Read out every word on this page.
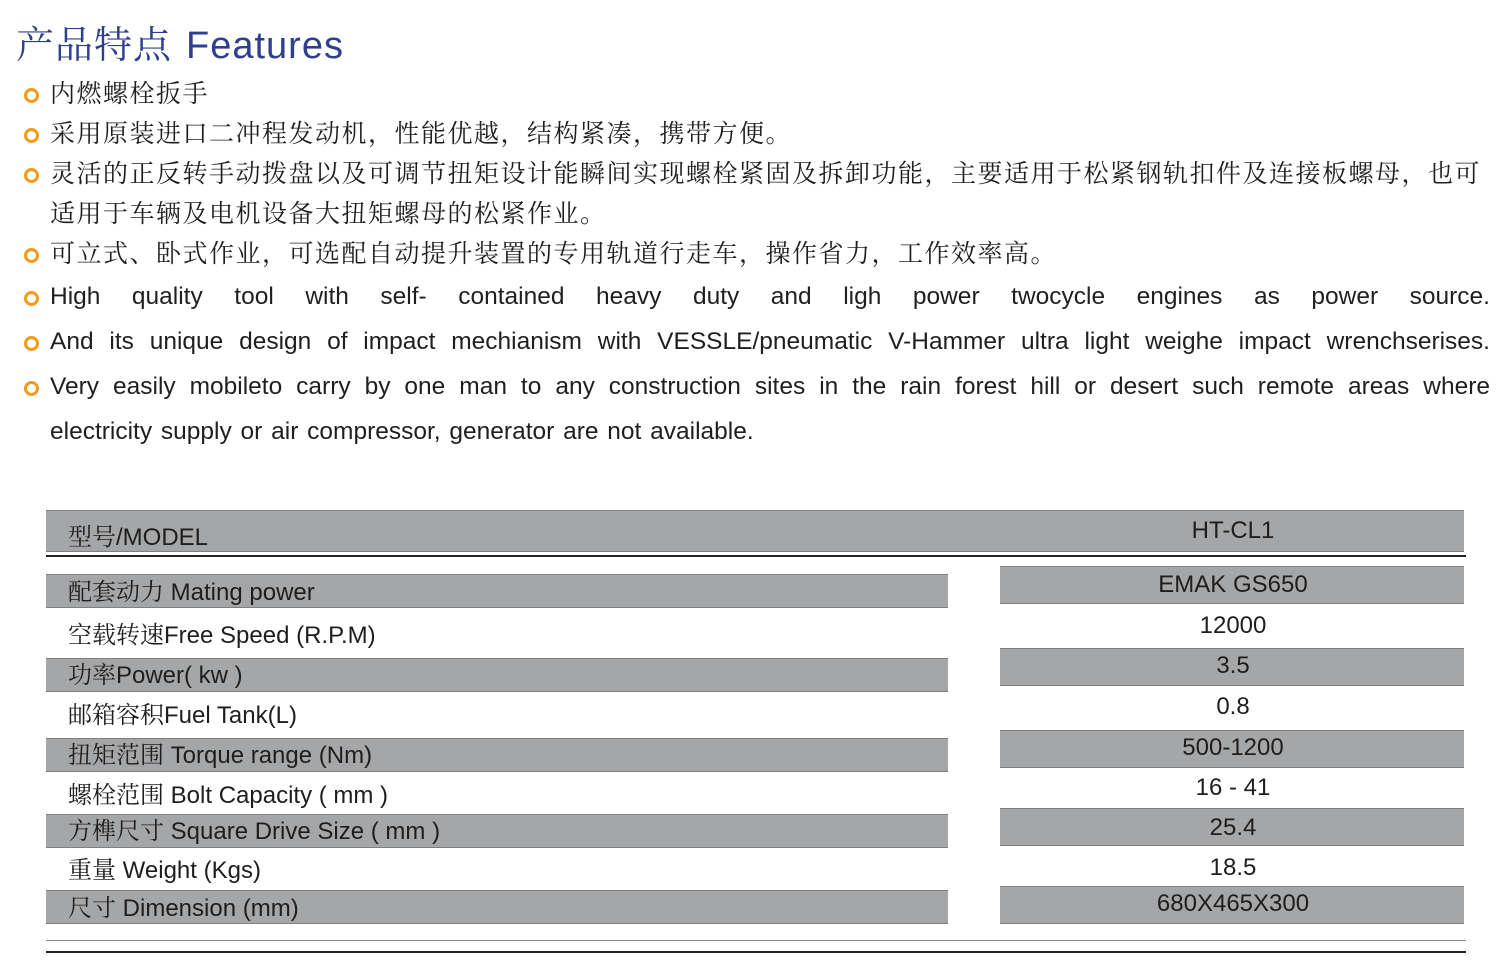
产品特点 Features
内燃螺栓扳手
采用原装进口二冲程发动机，性能优越，结构紧凑，携带方便。
灵活的正反转手动拨盘以及可调节扭矩设计能瞬间实现螺栓紧固及拆卸功能，主要适用于松紧钢轨扣件及连接板螺母，也可适用于车辆及电机设备大扭矩螺母的松紧作业。
可立式、卧式作业，可选配自动提升装置的专用轨道行走车，操作省力，工作效率高。
High quality tool with self- contained heavy duty and ligh power twocycle engines as power source.
And its unique design of impact mechianism with VESSLE/pneumatic V-Hammer ultra light weighe impact wrenchserises.
Very easily mobileto carry by one man to any construction sites in the rain forest hill or desert such remote areas where electricity supply or air compressor, generator are not available.
型号/MODEL	HT-CL1
配套动力 Mating power	EMAK GS650
空载转速Free Speed (R.P.M)	12000
功率Power( kw )	3.5
邮箱容积Fuel Tank(L)	0.8
扭矩范围 Torque range (Nm)	500-1200
螺栓范围 Bolt Capacity ( mm )	16 - 41
方榫尺寸 Square Drive Size ( mm )	25.4
重量 Weight (Kgs)	18.5
尺寸 Dimension (mm)	680X465X300
